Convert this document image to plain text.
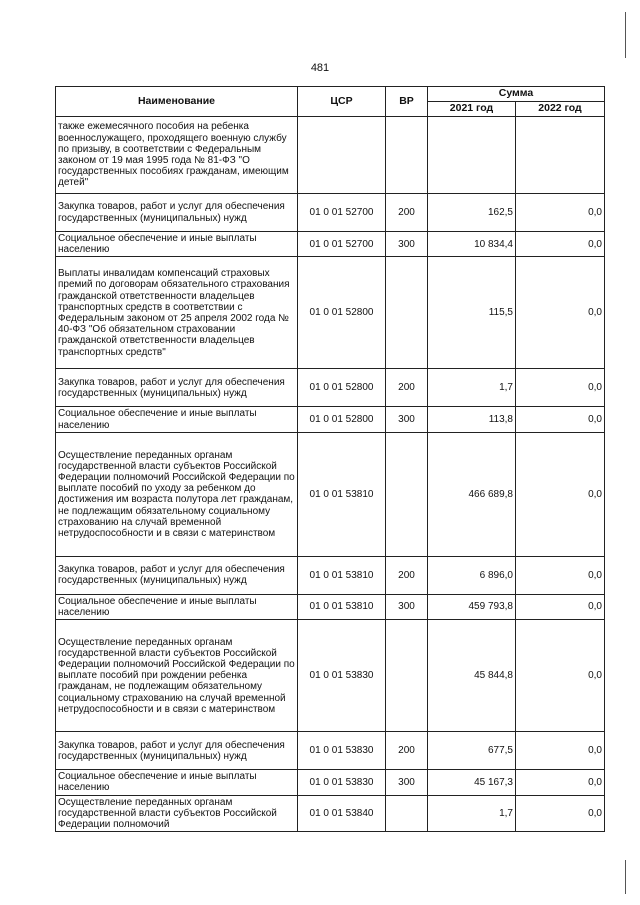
481
Наименование	ЦСР	ВР	Сумма	
			2021 год	2022 год
также ежемесячного пособия на ребенка военнослужащего, проходящего военную службу по призыву, в соответствии с Федеральным законом от 19 мая 1995 года № 81-ФЗ "О государственных пособиях гражданам, имеющим детей"				
Закупка товаров, работ и услуг для обеспечения государственных (муниципальных) нужд	01 0 01 52700	200	162,5	0,0
Социальное обеспечение и иные выплаты населению	01 0 01 52700	300	10 834,4	0,0
Выплаты инвалидам компенсаций страховых премий по договорам обязательного страхования гражданской ответственности владельцев транспортных средств в соответствии с Федеральным законом от 25 апреля 2002 года № 40-ФЗ "Об обязательном страховании гражданской ответственности владельцев транспортных средств"	01 0 01 52800		115,5	0,0
Закупка товаров, работ и услуг для обеспечения государственных (муниципальных) нужд	01 0 01 52800	200	1,7	0,0
Социальное обеспечение и иные выплаты населению	01 0 01 52800	300	113,8	0,0
Осуществление переданных органам государственной власти субъектов Российской Федерации полномочий Российской Федерации по выплате пособий по уходу за ребенком до достижения им возраста полутора лет гражданам, не подлежащим обязательному социальному страхованию на случай временной нетрудоспособности и в связи с материнством	01 0 01 53810		466 689,8	0,0
Закупка товаров, работ и услуг для обеспечения государственных (муниципальных) нужд	01 0 01 53810	200	6 896,0	0,0
Социальное обеспечение и иные выплаты населению	01 0 01 53810	300	459 793,8	0,0
Осуществление переданных органам государственной власти субъектов Российской Федерации полномочий Российской Федерации по выплате пособий при рождении ребенка гражданам, не подлежащим обязательному социальному страхованию на случай временной нетрудоспособности и в связи с материнством	01 0 01 53830		45 844,8	0,0
Закупка товаров, работ и услуг для обеспечения государственных (муниципальных) нужд	01 0 01 53830	200	677,5	0,0
Социальное обеспечение и иные выплаты населению	01 0 01 53830	300	45 167,3	0,0
Осуществление переданных органам государственной власти субъектов Российской Федерации полномочий	01 0 01 53840		1,7	0,0
